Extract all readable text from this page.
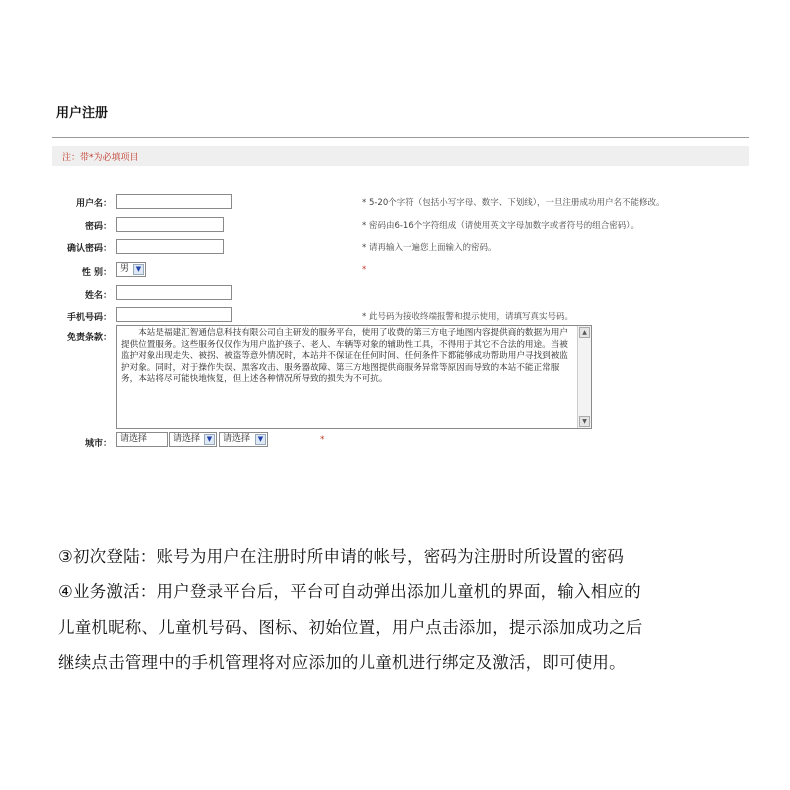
用户注册
注：带*为必填项目
用户名：	* 5-20个字符（包括小写字母、数字、下划线），一旦注册成功用户名不能修改。
密码：	* 密码由6-16个字符组成（请使用英文字母加数字或者符号的组合密码）。
确认密码：	* 请再输入一遍您上面输入的密码。
性 别： 男 ▼	*
姓名：
手机号码：	* 此号码为接收终端报警和提示使用，请填写真实号码。
免责条款：	本站是福建汇智通信息科技有限公司自主研发的服务平台，使用了收费的第三方电子地图内容提供商的数据为用户提供位置服务。这些服务仅仅作为用户监护孩子、老人、车辆等对象的辅助性工具，不得用于其它不合法的用途。当被监护对象出现走失、被拐、被盗等意外情况时，本站并不保证在任何时间、任何条件下都能够成功帮助用户寻找到被监护对象。同时，对于操作失误、黑客攻击、服务器故障、第三方地图提供商服务异常等原因而导致的本站不能正常服务，本站将尽可能快地恢复，但上述各种情况所导致的损失为不可抗。
▲
▼
城市： 请选择	请选择 ▼	请选择	▼	*
③初次登陆：账号为用户在注册时所申请的帐号，密码为注册时所设置的密码
④业务激活：用户登录平台后，平台可自动弹出添加儿童机的界面，输入相应的
儿童机昵称、儿童机号码、图标、初始位置，用户点击添加，提示添加成功之后
继续点击管理中的手机管理将对应添加的儿童机进行绑定及激活，即可使用。
